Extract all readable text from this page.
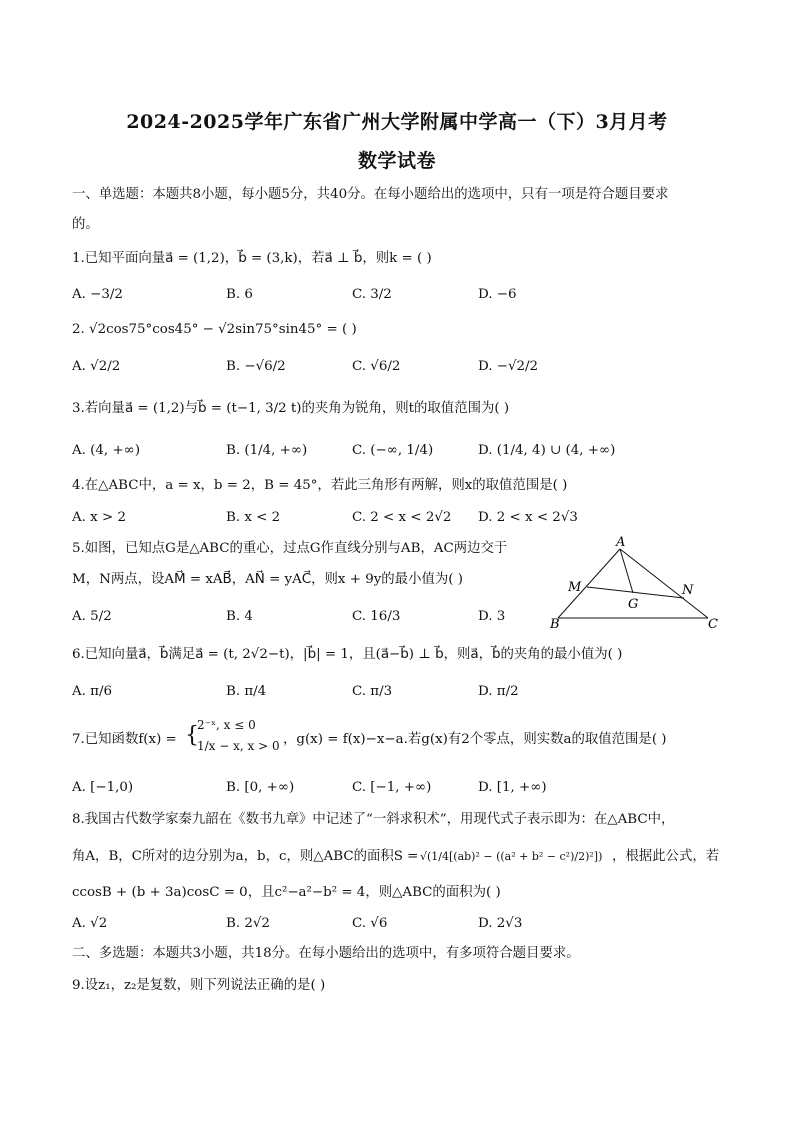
2024-2025学年广东省广州大学附属中学高一（下）3月月考
数学试卷
一、单选题：本题共8小题，每小题5分，共40分。在每小题给出的选项中，只有一项是符合题目要求
的。
1.已知平面向量a⃗ = (1,2)，b⃗ = (3,k)，若a⃗ ⊥ b⃗，则k = ( )
A. −3/2	B. 6	C. 3/2	D. −6
2. √2cos75°cos45° − √2sin75°sin45° = ( )
A. √2/2	B. −√6/2	C. √6/2	D. −√2/2
3.若向量a⃗ = (1,2)与b⃗ = (t−1, 3/2 t)的夹角为锐角，则t的取值范围为( )
A. (4, +∞)	B. (1/4, +∞)	C. (−∞, 1/4)	D. (1/4, 4) ∪ (4, +∞)
4.在△ABC中，a = x，b = 2，B = 45°，若此三角形有两解，则x的取值范围是( )
A. x > 2	B. x < 2	C. 2 < x < 2√2 D. 2 < x < 2√3
5.如图，已知点G是△ABC的重心，过点G作直线分别与AB，AC两边交于
M，N两点，设AM⃗ = xAB⃗，AN⃗ = yAC⃗，则x + 9y的最小值为( )
A. 5/2	B. 4	C. 16/3	D. 3
A
M	N
G
B	C
6.已知向量a⃗，b⃗满足a⃗ = (t, 2√2−t)，|b⃗| = 1，且(a⃗−b⃗) ⊥ b⃗，则a⃗，b⃗的夹角的最小值为( )
A. π/6	B. π/4	C. π/3	D. π/2
7.已知函数f(x) = {
2⁻ˣ, x ≤ 0
1/x − x, x > 0 ，g(x) = f(x)−x−a.若g(x)有2个零点，则实数a的取值范围是( )
A. [−1,0)	B. [0, +∞)	C. [−1, +∞)	D. [1, +∞)
8.我国古代数学家秦九韶在《数书九章》中记述了“一斜求积术”，用现代式子表示即为：在△ABC中，
角A，B，C所对的边分别为a，b，c，则△ABC的面积S = √(1/4[(ab)² − ((a² + b² − c²)/2)²]) ，根据此公式，若
ccosB + (b + 3a)cosC = 0，且c²−a²−b² = 4，则△ABC的面积为( )
A. √2	B. 2√2	C. √6	D. 2√3
二、多选题：本题共3小题，共18分。在每小题给出的选项中，有多项符合题目要求。
9.设z₁，z₂是复数，则下列说法正确的是( )
